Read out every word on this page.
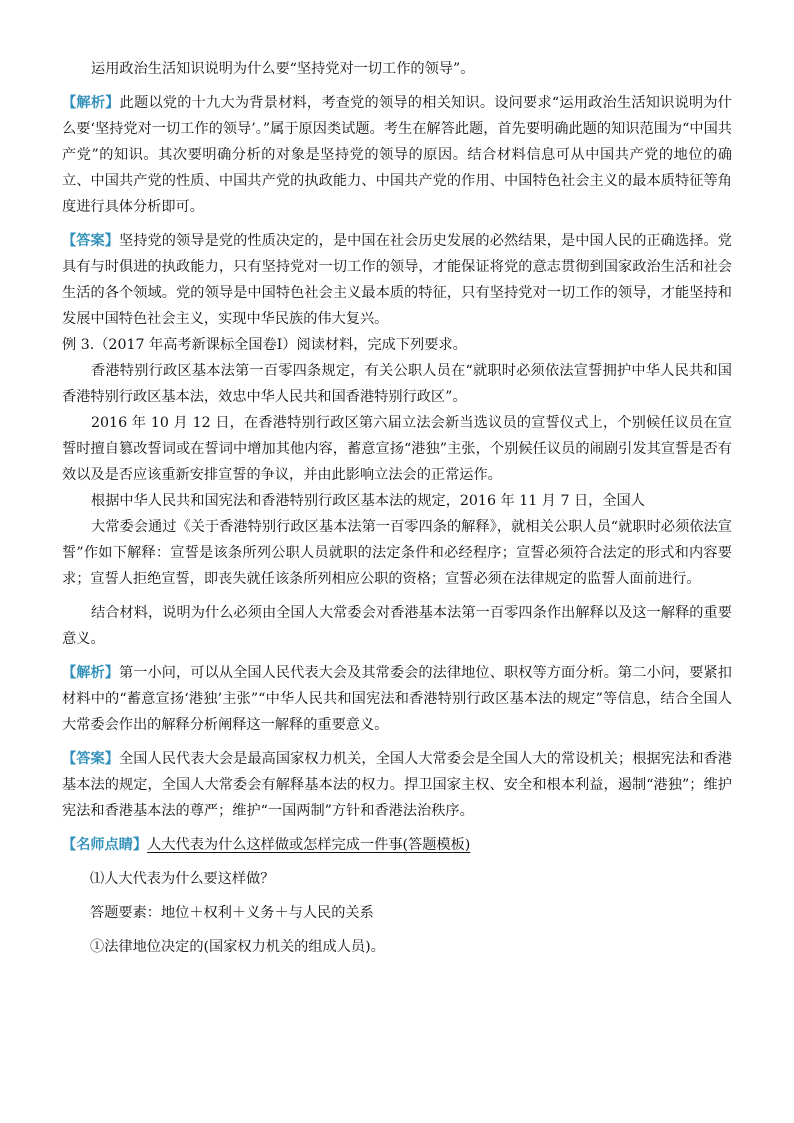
运用政治生活知识说明为什么要“坚持党对一切工作的领导”。

【解析】此题以党的十九大为背景材料，考查党的领导的相关知识。设问要求“运用政治生活知识说明为什么要‘坚持党对一切工作的领导’。”属于原因类试题。考生在解答此题，首先要明确此题的知识范围为“中国共产党”的知识。其次要明确分析的对象是坚持党的领导的原因。结合材料信息可从中国共产党的地位的确立、中国共产党的性质、中国共产党的执政能力、中国共产党的作用、中国特色社会主义的最本质特征等角度进行具体分析即可。

【答案】坚持党的领导是党的性质决定的，是中国在社会历史发展的必然结果，是中国人民的正确选择。党具有与时俱进的执政能力，只有坚持党对一切工作的领导，才能保证将党的意志贯彻到国家政治生活和社会生活的各个领域。党的领导是中国特色社会主义最本质的特征，只有坚持党对一切工作的领导，才能坚持和发展中国特色社会主义，实现中华民族的伟大复兴。

例 3.（2017 年高考新课标全国卷Ⅰ）阅读材料，完成下列要求。

香港特别行政区基本法第一百零四条规定，有关公职人员在“就职时必须依法宣誓拥护中华人民共和国香港特别行政区基本法，效忠中华人民共和国香港特别行政区”。

2016 年 10 月 12 日，在香港特别行政区第六届立法会新当选议员的宣誓仪式上，个别候任议员在宣誓时擅自篡改誓词或在誓词中增加其他内容，蓄意宣扬“港独”主张，个别候任议员的闹剧引发其宣誓是否有效以及是否应该重新安排宣誓的争议，并由此影响立法会的正常运作。

根据中华人民共和国宪法和香港特别行政区基本法的规定，2016 年 11 月 7 日，全国人

大常委会通过《关于香港特别行政区基本法第一百零四条的解释》，就相关公职人员“就职时必须依法宣誓”作如下解释：宣誓是该条所列公职人员就职的法定条件和必经程序；宣誓必须符合法定的形式和内容要求；宣誓人拒绝宣誓，即丧失就任该条所列相应公职的资格；宣誓必须在法律规定的监誓人面前进行。

结合材料，说明为什么必须由全国人大常委会对香港基本法第一百零四条作出解释以及这一解释的重要意义。

【解析】第一小问，可以从全国人民代表大会及其常委会的法律地位、职权等方面分析。第二小问，要紧扣材料中的“蓄意宣扬‘港独’主张”“中华人民共和国宪法和香港特别行政区基本法的规定”等信息，结合全国人大常委会作出的解释分析阐释这一解释的重要意义。

【答案】全国人民代表大会是最高国家权力机关，全国人大常委会是全国人大的常设机关；根据宪法和香港基本法的规定，全国人大常委会有解释基本法的权力。捍卫国家主权、安全和根本利益，遏制“港独”；维护宪法和香港基本法的尊严；维护“一国两制”方针和香港法治秩序。

【名师点睛】人大代表为什么这样做或怎样完成一件事(答题模板)

⑴人大代表为什么要这样做？

答题要素：地位＋权利＋义务＋与人民的关系

①法律地位决定的(国家权力机关的组成人员)。
